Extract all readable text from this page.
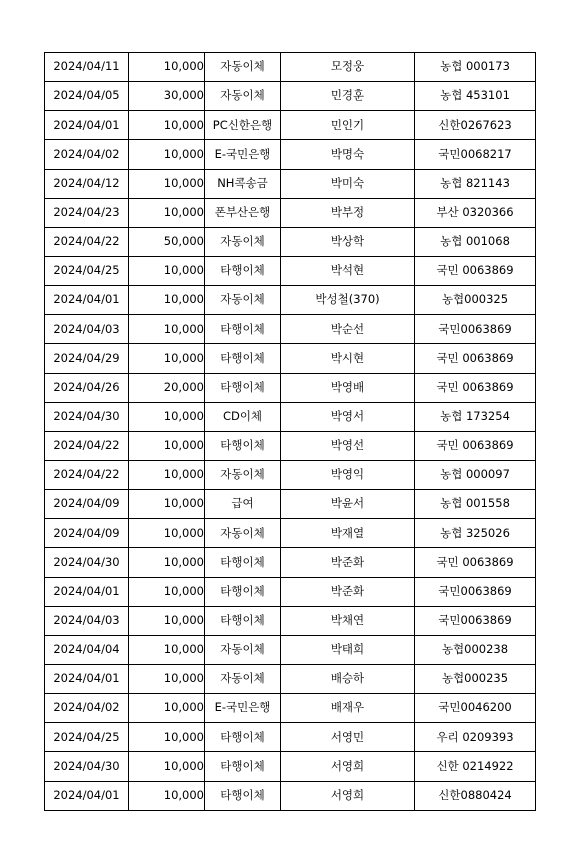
2024/04/11	10,000	자동이체	모정웅	농협 000173
2024/04/05	30,000	자동이체	민경훈	농협 453101
2024/04/01	10,000	PC신한은행	민인기	신한0267623
2024/04/02	10,000	E-국민은행	박명숙	국민0068217
2024/04/12	10,000	NH콕송금	박미숙	농협 821143
2024/04/23	10,000	폰부산은행	박부정	부산 0320366
2024/04/22	50,000	자동이체	박상학	농협 001068
2024/04/25	10,000	타행이체	박석현	국민 0063869
2024/04/01	10,000	자동이체	박성철(370)	농협000325
2024/04/03	10,000	타행이체	박순선	국민0063869
2024/04/29	10,000	타행이체	박시현	국민 0063869
2024/04/26	20,000	타행이체	박영배	국민 0063869
2024/04/30	10,000	CD이체	박영서	농협 173254
2024/04/22	10,000	타행이체	박영선	국민 0063869
2024/04/22	10,000	자동이체	박영익	농협 000097
2024/04/09	10,000	급여	박윤서	농협 001558
2024/04/09	10,000	자동이체	박재열	농협 325026
2024/04/30	10,000	타행이체	박준화	국민 0063869
2024/04/01	10,000	타행이체	박준화	국민0063869
2024/04/03	10,000	타행이체	박채연	국민0063869
2024/04/04	10,000	자동이체	박태희	농협000238
2024/04/01	10,000	자동이체	배승하	농협000235
2024/04/02	10,000	E-국민은행	배재우	국민0046200
2024/04/25	10,000	타행이체	서영민	우리 0209393
2024/04/30	10,000	타행이체	서영희	신한 0214922
2024/04/01	10,000	타행이체	서영희	신한0880424
